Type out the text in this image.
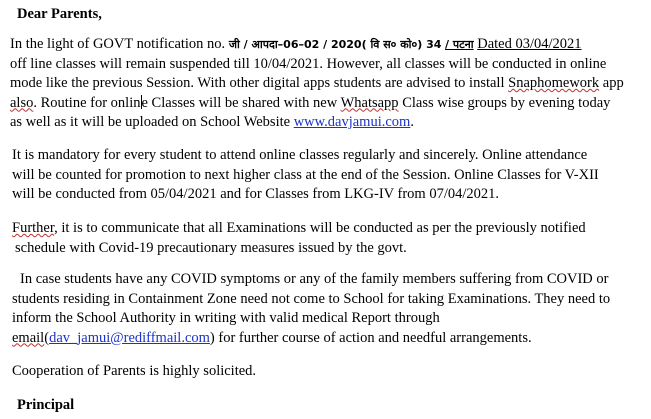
Dear Parents,

In the light of GOVT notification no. जी / आपदा–06–02 / 2020( वि स० को०) 34 / पटना Dated 03/04/2021
off line classes will remain suspended till 10/04/2021. However, all classes will be conducted in online
mode like the previous Session. With other digital apps students are advised to install Snaphomework app
also. Routine for online Classes will be shared with new Whatsapp Class wise groups by evening today
as well as it will be uploaded on School Website www.davjamui.com.

It is mandatory for every student to attend online classes regularly and sincerely. Online attendance
will be counted for promotion to next higher class at the end of the Session. Online Classes for V-XII
will be conducted from 05/04/2021 and for Classes from LKG-IV from 07/04/2021.

Further, it is to communicate that all Examinations will be conducted as per the previously notified
schedule with Covid-19 precautionary measures issued by the govt.

In case students have any COVID symptoms or any of the family members suffering from COVID or
students residing in Containment Zone need not come to School for taking Examinations. They need to
inform the School Authority in writing with valid medical Report through
email(dav_jamui@rediffmail.com) for further course of action and needful arrangements.

Cooperation of Parents is highly solicited.

Principal
